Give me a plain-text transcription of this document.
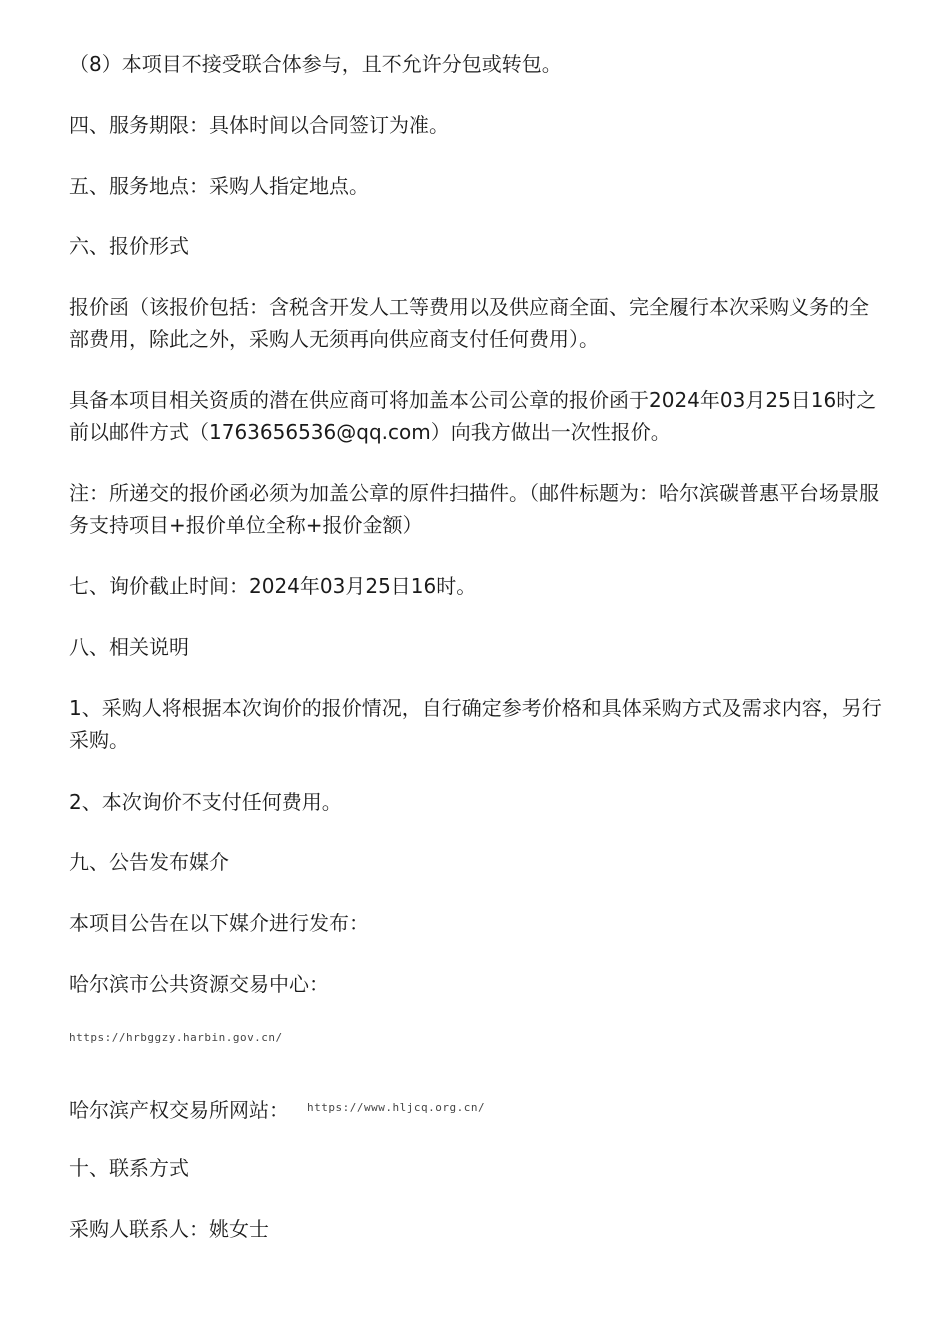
（8）本项目不接受联合体参与，且不允许分包或转包。

四、服务期限：具体时间以合同签订为准。

五、服务地点：采购人指定地点。

六、报价形式

报价函（该报价包括：含税含开发人工等费用以及供应商全面、完全履行本次采购义务的全部费用，除此之外，采购人无须再向供应商支付任何费用）。

具备本项目相关资质的潜在供应商可将加盖本公司公章的报价函于2024年03月25日16时之前以邮件方式（1763656536@qq.com）向我方做出一次性报价。

注：所递交的报价函必须为加盖公章的原件扫描件。（邮件标题为：哈尔滨碳普惠平台场景服务支持项目+报价单位全称+报价金额）

七、询价截止时间：2024年03月25日16时。

八、相关说明

1、采购人将根据本次询价的报价情况，自行确定参考价格和具体采购方式及需求内容，另行采购。

2、本次询价不支付任何费用。

九、公告发布媒介

本项目公告在以下媒介进行发布：

哈尔滨市公共资源交易中心：

https://hrbggzy.harbin.gov.cn/

哈尔滨产权交易所网站： https://www.hljcq.org.cn/

十、联系方式

采购人联系人：姚女士
